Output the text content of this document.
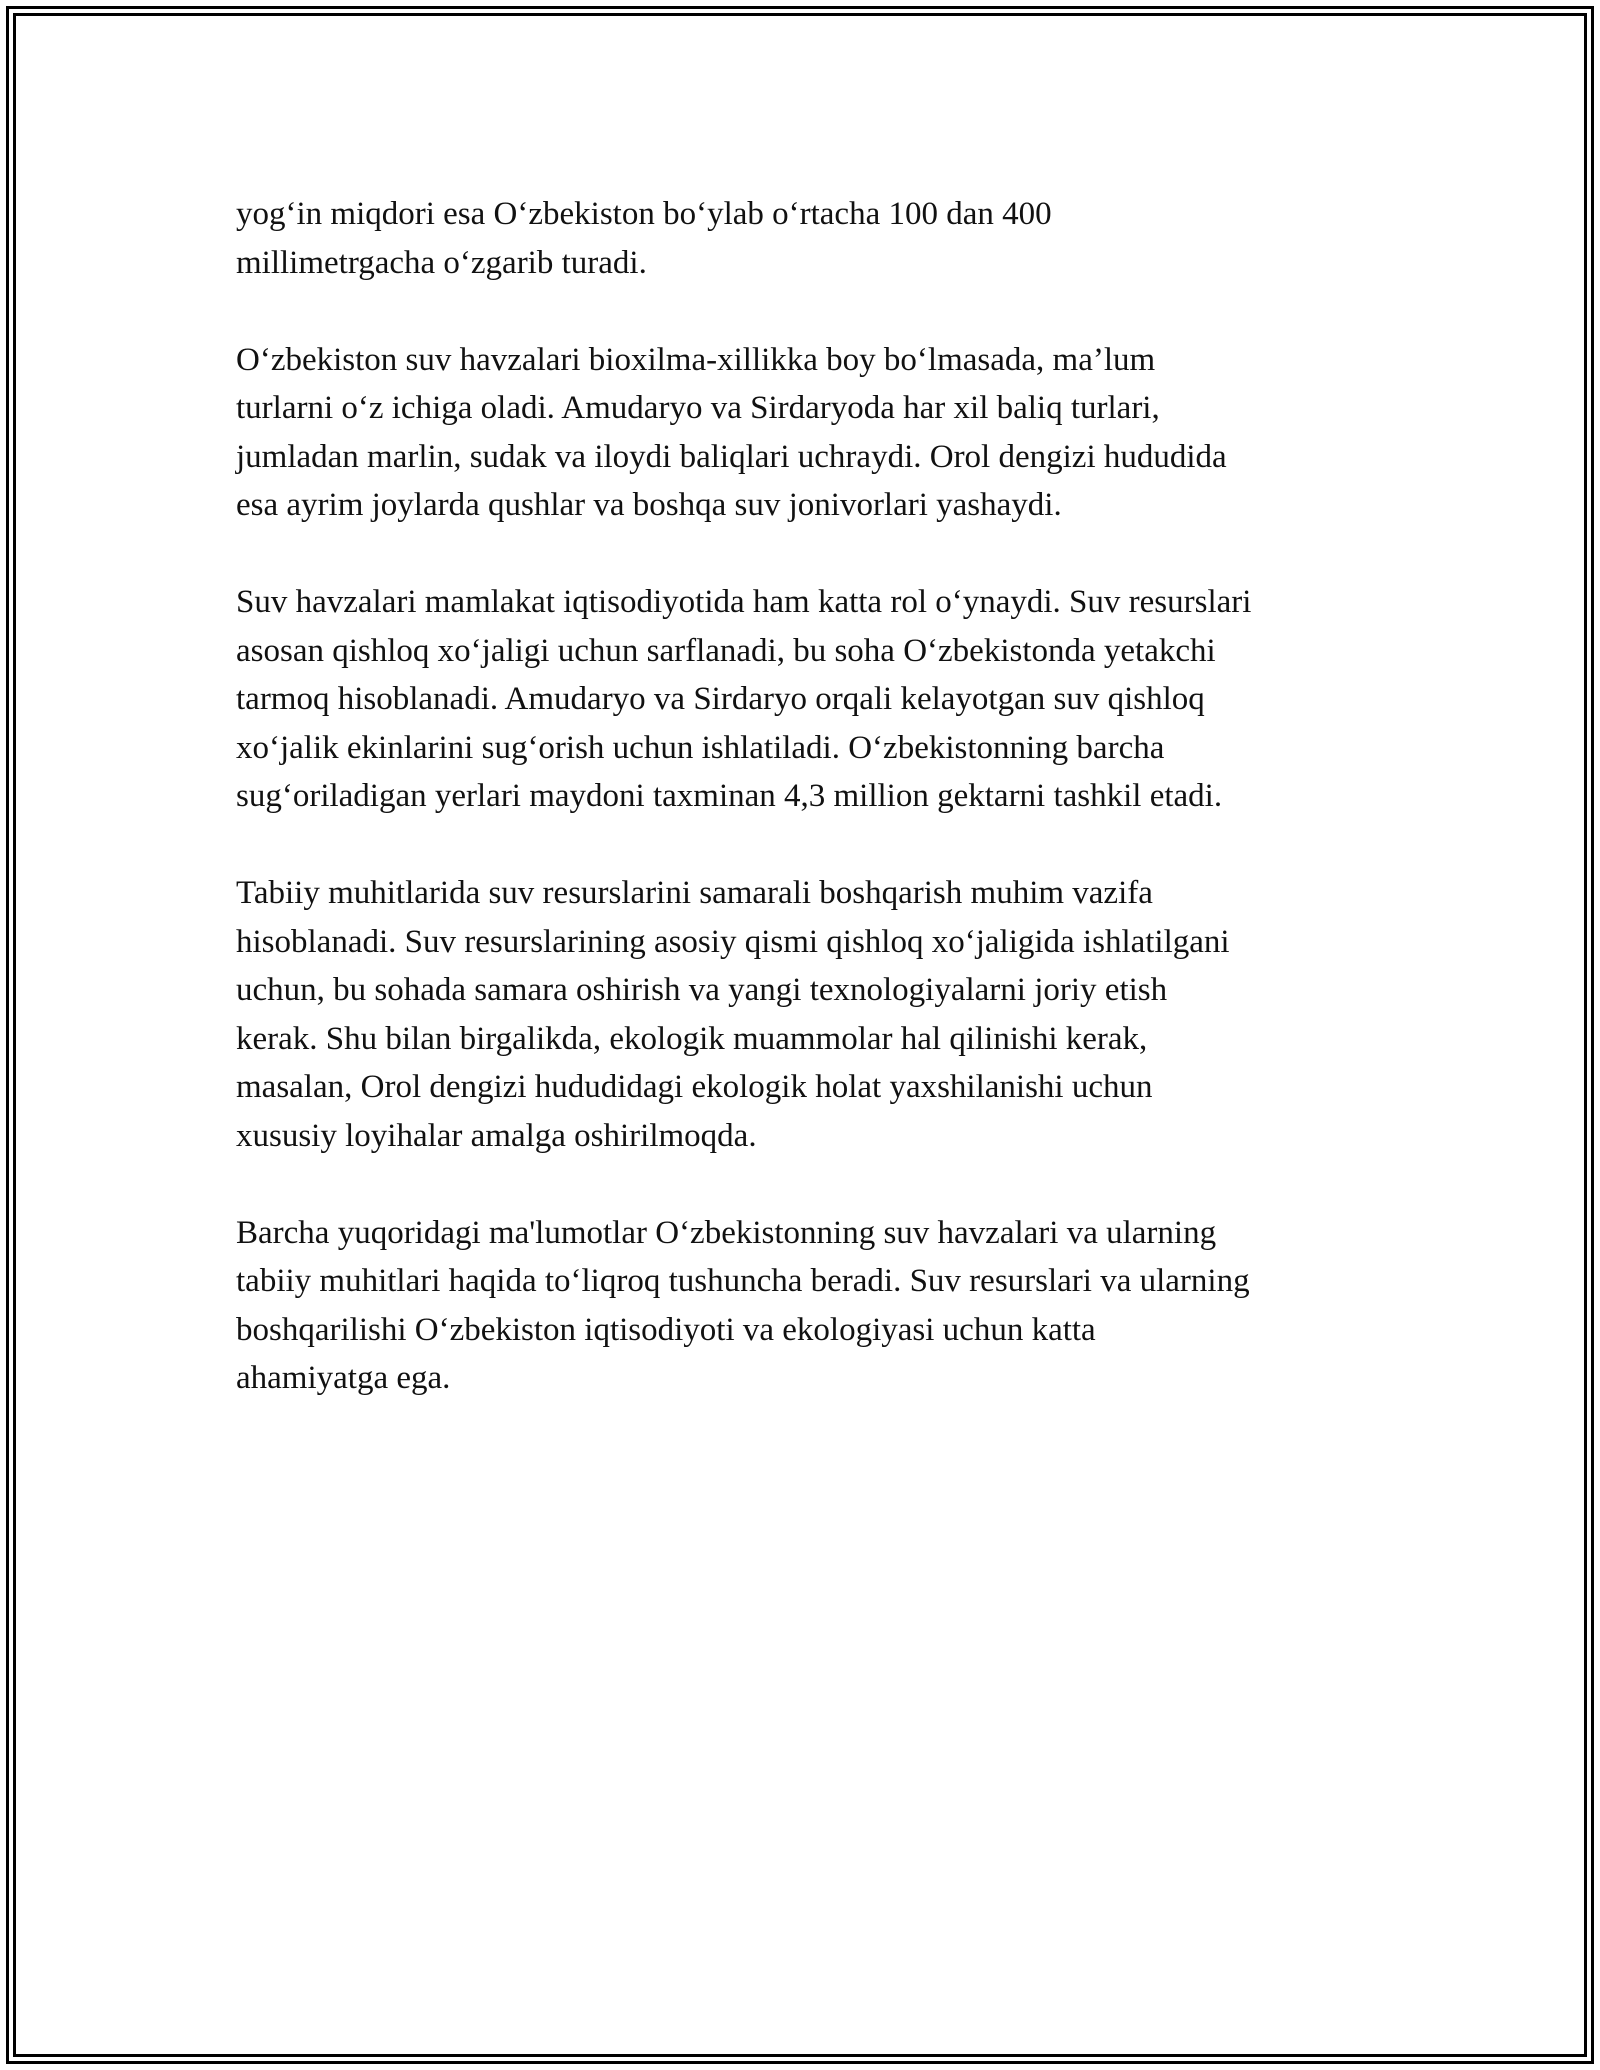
yog‘in miqdori esa O‘zbekiston bo‘ylab o‘rtacha 100 dan 400
millimetrgacha o‘zgarib turadi.

O‘zbekiston suv havzalari bioxilma-xillikka boy bo‘lmasada, ma’lum
turlarni o‘z ichiga oladi. Amudaryo va Sirdaryoda har xil baliq turlari,
jumladan marlin, sudak va iloydi baliqlari uchraydi. Orol dengizi hududida
esa ayrim joylarda qushlar va boshqa suv jonivorlari yashaydi.

Suv havzalari mamlakat iqtisodiyotida ham katta rol o‘ynaydi. Suv resurslari
asosan qishloq xo‘jaligi uchun sarflanadi, bu soha O‘zbekistonda yetakchi
tarmoq hisoblanadi. Amudaryo va Sirdaryo orqali kelayotgan suv qishloq
xo‘jalik ekinlarini sug‘orish uchun ishlatiladi. O‘zbekistonning barcha
sug‘oriladigan yerlari maydoni taxminan 4,3 million gektarni tashkil etadi.

Tabiiy muhitlarida suv resurslarini samarali boshqarish muhim vazifa
hisoblanadi. Suv resurslarining asosiy qismi qishloq xo‘jaligida ishlatilgani
uchun, bu sohada samara oshirish va yangi texnologiyalarni joriy etish
kerak. Shu bilan birgalikda, ekologik muammolar hal qilinishi kerak,
masalan, Orol dengizi hududidagi ekologik holat yaxshilanishi uchun
xususiy loyihalar amalga oshirilmoqda.

Barcha yuqoridagi ma'lumotlar O‘zbekistonning suv havzalari va ularning
tabiiy muhitlari haqida to‘liqroq tushuncha beradi. Suv resurslari va ularning
boshqarilishi O‘zbekiston iqtisodiyoti va ekologiyasi uchun katta
ahamiyatga ega.
